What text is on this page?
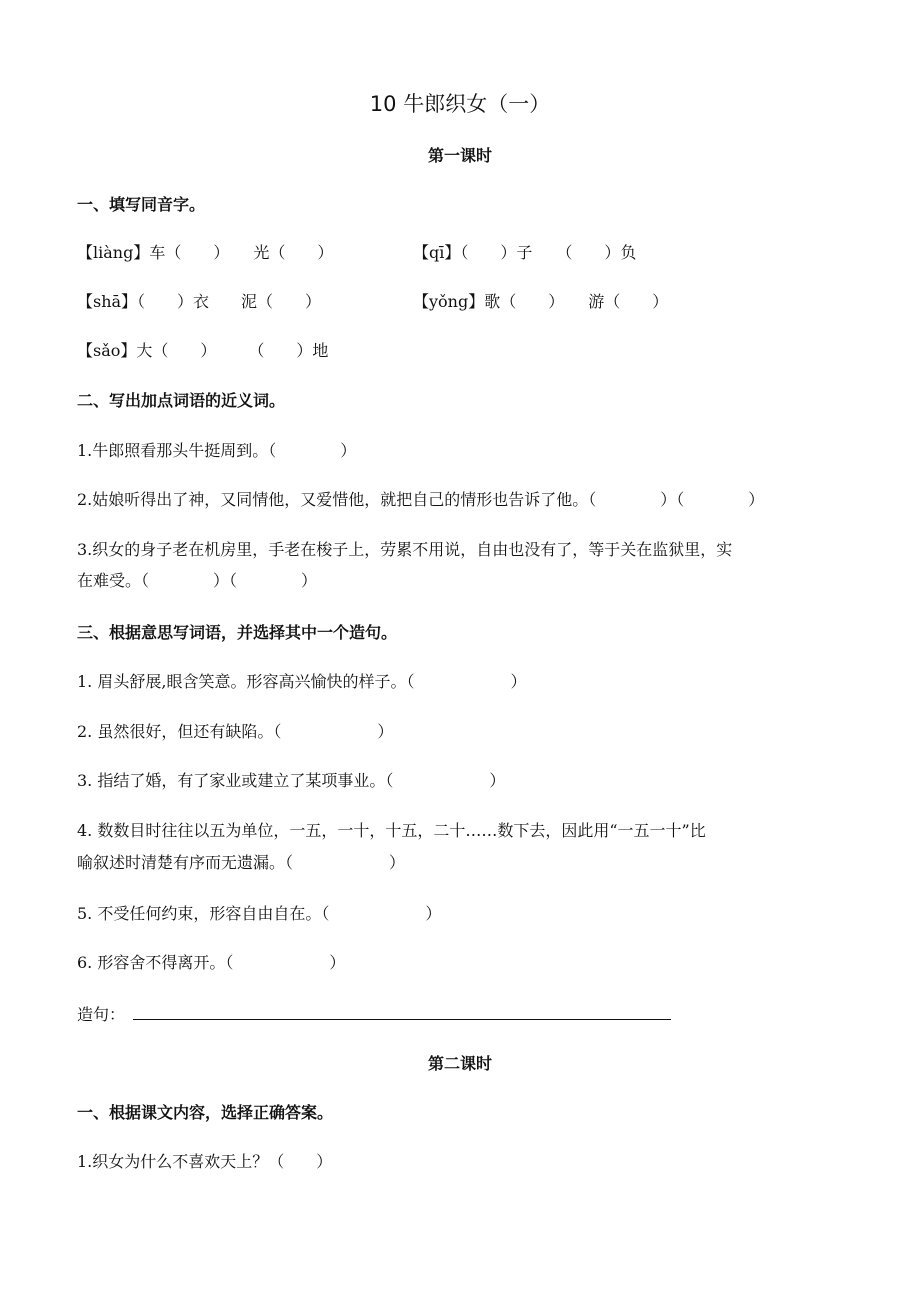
10 牛郎织女（一）
第一课时
一、填写同音字。
【liàng】车（　　）　　光（　　）	【qī】（　　）子　　（　　）负
【shā】（　　）衣　　泥（　　）	【yǒng】歌（　　）　　游（　　）
【sǎo】大（　　）　　　（　　）地
二、写出加点词语的近义词。
1.牛郎照看那头牛挺周到。（　　　　）
2.姑娘听得出了神，又同情他，又爱惜他，就把自己的情形也告诉了他。（　　　　）（　　　　）
3.织女的身子老在机房里，手老在梭子上，劳累不用说，自由也没有了，等于关在监狱里，实
在难受。（　　　　）（　　　　）
三、根据意思写词语，并选择其中一个造句。
1. 眉头舒展,眼含笑意。形容高兴愉快的样子。（　　　　　　）
2. 虽然很好，但还有缺陷。（　　　　　　）
3. 指结了婚，有了家业或建立了某项事业。（　　　　　　）
4. 数数目时往往以五为单位，一五，一十，十五，二十……数下去，因此用“一五一十”比
喻叙述时清楚有序而无遗漏。（　　　　　　）
5. 不受任何约束，形容自由自在。（　　　　　　）
6. 形容舍不得离开。（　　　　　　）
造句：
第二课时
一、根据课文内容，选择正确答案。
1.织女为什么不喜欢天上？（　　）
